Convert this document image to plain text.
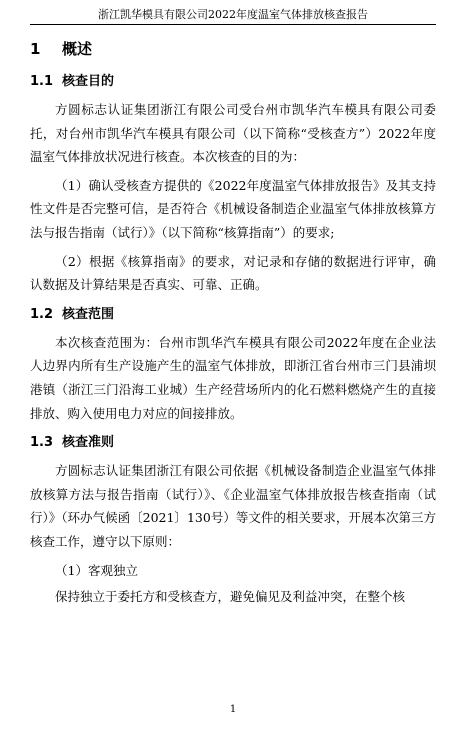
浙江凯华模具有限公司2022年度温室气体排放核查报告
1 概述
1.1 核查目的

方圆标志认证集团浙江有限公司受台州市凯华汽车模具有限公司委托，对台州市凯华汽车模具有限公司（以下简称“受核查方”）2022年度温室气体排放状况进行核查。本次核查的目的为：

（1）确认受核查方提供的《2022年度温室气体排放报告》及其支持性文件是否完整可信，是否符合《机械设备制造企业温室气体排放核算方法与报告指南（试行）》（以下简称“核算指南”）的要求;

（2）根据《核算指南》的要求，对记录和存储的数据进行评审，确认数据及计算结果是否真实、可靠、正确。

1.2 核查范围

本次核查范围为：台州市凯华汽车模具有限公司2022年度在企业法人边界内所有生产设施产生的温室气体排放，即浙江省台州市三门县浦坝港镇（浙江三门沿海工业城）生产经营场所内的化石燃料燃烧产生的直接排放、购入使用电力对应的间接排放。

1.3 核查准则

方圆标志认证集团浙江有限公司依据《机械设备制造企业温室气体排放核算方法与报告指南（试行）》、《企业温室气体排放报告核查指南（试行）》（环办气候函〔2021〕130号）等文件的相关要求，开展本次第三方核查工作，遵守以下原则：

（1）客观独立

保持独立于委托方和受核查方，避免偏见及利益冲突，在整个核

1
